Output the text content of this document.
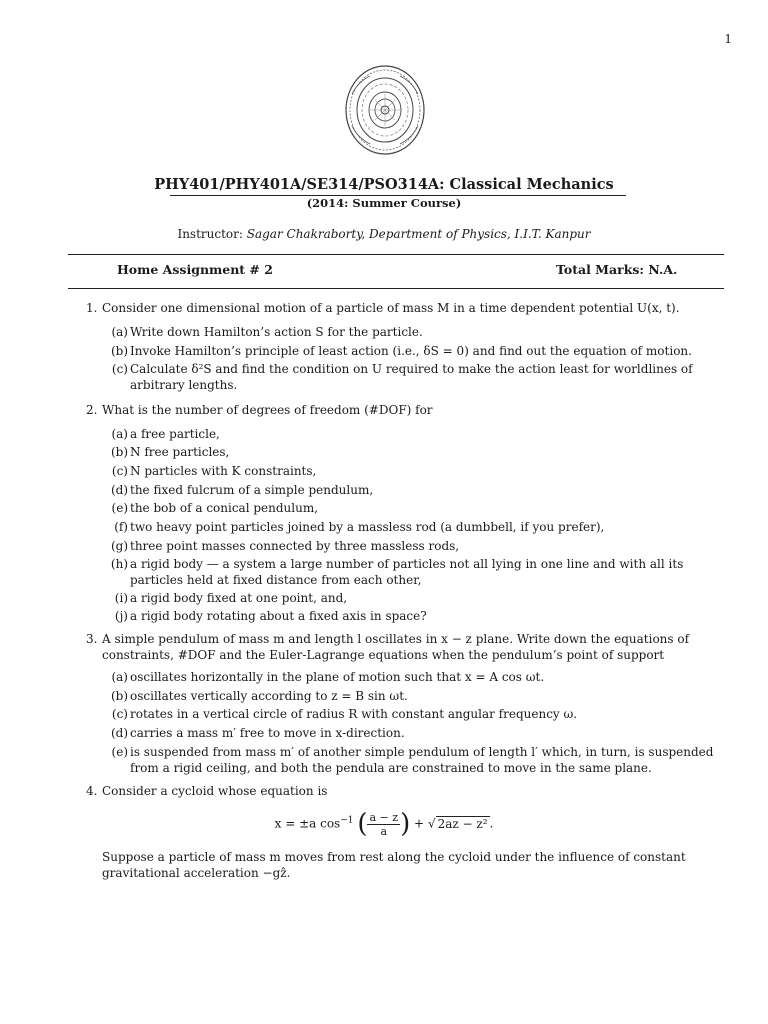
1
PHY401/PHY401A/SE314/PSO314A: Classical Mechanics
(2014: Summer Course)
Instructor: Sagar Chakraborty, Department of Physics, I.I.T. Kanpur
Home Assignment # 2	Total Marks: N.A.
1. Consider one dimensional motion of a particle of mass M in a time dependent potential U(x, t).
(a) Write down Hamilton’s action S for the particle.
(b) Invoke Hamilton’s principle of least action (i.e., δS = 0) and find out the equation of motion.
(c) Calculate δ²S and find the condition on U required to make the action least for worldlines of arbitrary lengths.
2. What is the number of degrees of freedom (#DOF) for
(a) a free particle,
(b) N free particles,
(c) N particles with K constraints,
(d) the fixed fulcrum of a simple pendulum,
(e) the bob of a conical pendulum,
(f) two heavy point particles joined by a massless rod (a dumbbell, if you prefer),
(g) three point masses connected by three massless rods,
(h) a rigid body — a system a large number of particles not all lying in one line and with all its particles held at fixed distance from each other,
(i) a rigid body fixed at one point, and,
(j) a rigid body rotating about a fixed axis in space?
3. A simple pendulum of mass m and length l oscillates in x − z plane. Write down the equations of constraints, #DOF and the Euler-Lagrange equations when the pendulum’s point of support
(a) oscillates horizontally in the plane of motion such that x = A cos ωt.
(b) oscillates vertically according to z = B sin ωt.
(c) rotates in a vertical circle of radius R with constant angular frequency ω.
(d) carries a mass m′ free to move in x-direction.
(e) is suspended from mass m′ of another simple pendulum of length l′ which, in turn, is suspended from a rigid ceiling, and both the pendula are constrained to move in the same plane.
4. Consider a cycloid whose equation is
x = ±a $\cos^{-1}$ ( $\frac{a - z}{a}$ ) + √ 2az − z² .
Suppose a particle of mass m moves from rest along the cycloid under the influence of constant gravitational acceleration −gẑ.
